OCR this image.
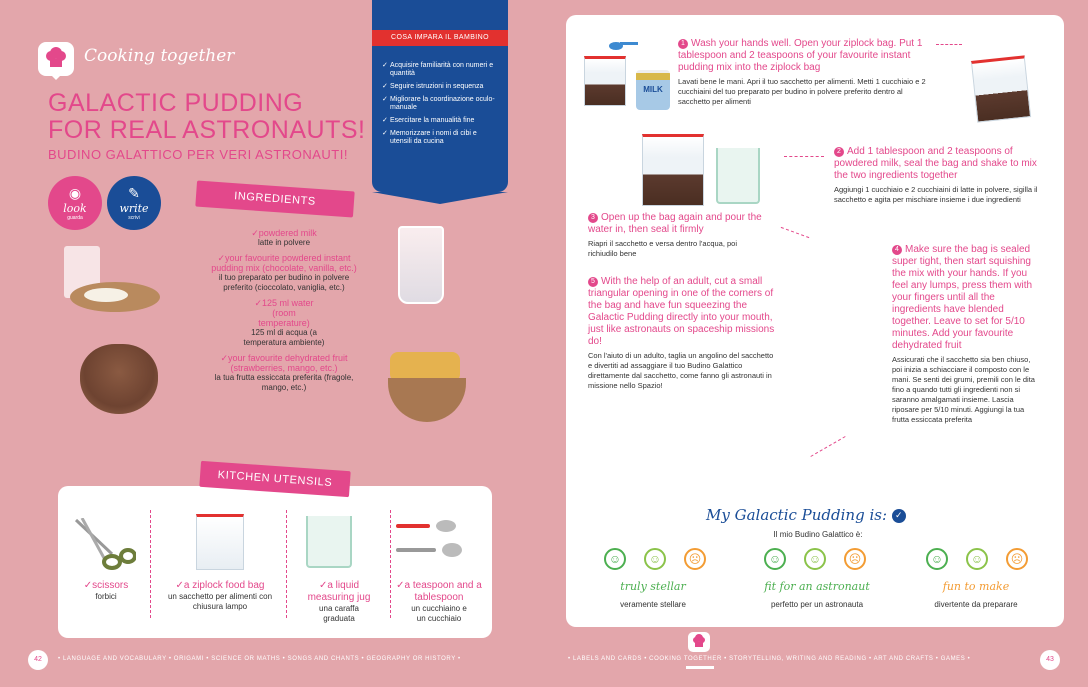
Cooking together
GALACTIC PUDDING
FOR REAL ASTRONAUTS!
BUDINO GALATTICO PER VERI ASTRONAUTI!
COSA IMPARA IL BAMBINO
✓ Acquisire familiarità con numeri e quantità
✓ Seguire istruzioni in sequenza
✓ Migliorare la coordinazione oculo-manuale
✓ Esercitare la manualità fine
✓ Memorizzare i nomi di cibi e utensili da cucina
◉
look
guarda
✎
write
scrivi
INGREDIENTS
✓ powdered milk
latte in polvere
✓ your favourite powdered instant pudding mix (chocolate, vanilla, etc.)
il tuo preparato per budino in polvere preferito (cioccolato, vaniglia, etc.)
✓ 125 ml water (room temperature)
125 ml di acqua (a temperatura ambiente)
✓ your favourite dehydrated fruit (strawberries, mango, etc.)
la tua frutta essiccata preferita (fragole, mango, etc.)
KITCHEN UTENSILS
✓ scissors
forbici
✓ a ziplock food bag
un sacchetto per alimenti con chiusura lampo
✓ a liquid measuring jug
una caraffa graduata
✓ a teaspoon and a tablespoon
un cucchiaino e un cucchiaio
42	• LANGUAGE AND VOCABULARY • ORIGAMI • SCIENCE OR MATHS • SONGS AND CHANTS • GEOGRAPHY OR HISTORY •
MILK
1 Wash your hands well. Open your ziplock bag. Put 1 tablespoon and 2 teaspoons of your favourite instant pudding mix into the ziplock bag
Lavati bene le mani. Apri il tuo sacchetto per alimenti. Metti 1 cucchiaio e 2 cucchiaini del tuo preparato per budino in polvere preferito dentro al sacchetto per alimenti
2 Add 1 tablespoon and 2 teaspoons of powdered milk, seal the bag and shake to mix the two ingredients together
Aggiungi 1 cucchiaio e 2 cucchiaini di latte in polvere, sigilla il sacchetto e agita per mischiare insieme i due ingredienti
3 Open up the bag again and pour the water in, then seal it firmly
Riapri il sacchetto e versa dentro l'acqua, poi richiudilo bene	4 Make sure the bag is sealed super tight, then start squishing the mix with your hands. If you feel any lumps, press them with your fingers until all the ingredients have blended together. Leave to set for 5/10 minutes. Add your favourite dehydrated fruit
Assicurati che il sacchetto sia ben chiuso, poi inizia a schiacciare il composto con le mani. Se senti dei grumi, premili con le dita fino a quando tutti gli ingredienti non si saranno amalgamati insieme. Lascia riposare per 5/10 minuti. Aggiungi la tua frutta essiccata preferita
5 With the help of an adult, cut a small triangular opening in one of the corners of the bag and have fun squeezing the Galactic Pudding directly into your mouth, just like astronauts on spaceship missions do!
Con l'aiuto di un adulto, taglia un angolino del sacchetto e divertiti ad assaggiare il tuo Budino Galattico direttamente dal sacchetto, come fanno gli astronauti in missione nello Spazio!
My Galactic Pudding is: ✓
Il mio Budino Galattico è:
☺	☺	☹
truly stellar
veramente stellare
☺	☺	☹
fit for an astronaut
perfetto per un astronauta
☺	☺	☹
fun to make
divertente da preparare
• LABELS AND CARDS • COOKING TOGETHER • STORYTELLING, WRITING AND READING • ART AND CRAFTS • GAMES •	43
